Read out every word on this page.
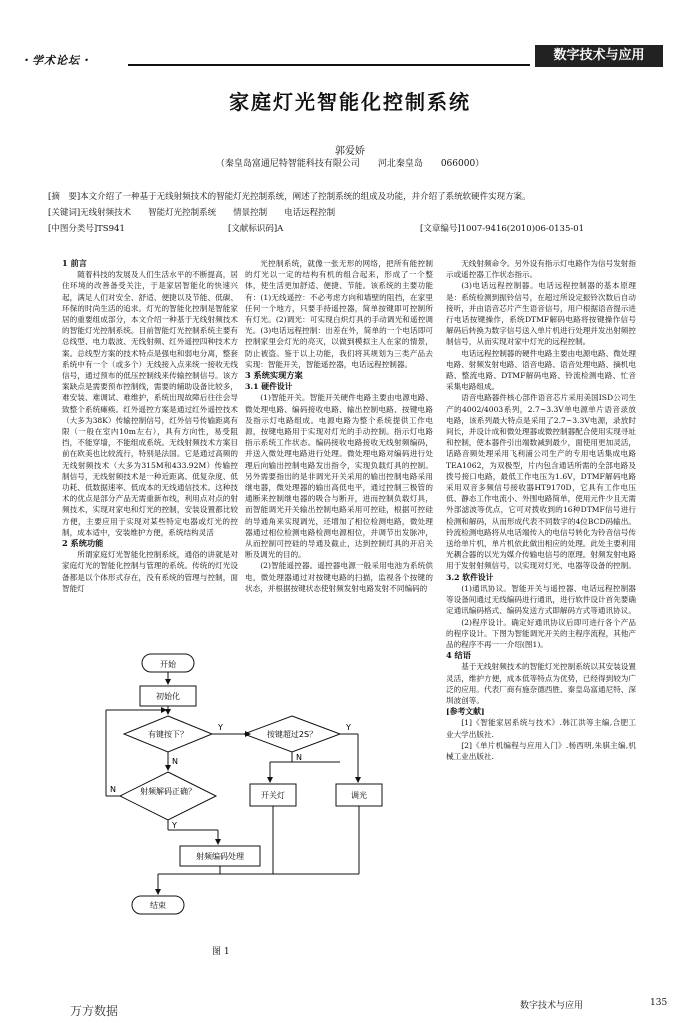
・学术论坛・	数字技术与应用
家庭灯光智能化控制系统
郭爱娇
（秦皇岛富通尼特智能科技有限公司　　河北秦皇岛　　066000）
[摘　要]本文介绍了一种基于无线射频技术的智能灯光控制系统，阐述了控制系统的组成及功能，并介绍了系统软硬件实现方案。
[关键词]无线射频技术　　智能灯光控制系统　　情景控制　　电话远程控制
[中图分类号]TS941	[文献标识码]A	[文章编号]1007-9416(2010)06-0135-01
1 前言

随着科技的发展及人们生活水平的不断提高，居住环境的改善备受关注，于是家居智能化的快速兴起，满足人们对安全、舒适、便捷以及节能、低碳、环保的时尚生活的追求。灯光的智能化控制是智能家居的重要组成部分，本文介绍一种基于无线射频技术的智能灯光控制系统。目前智能灯光控制系统主要有总线型、电力载波、无线射频、红外遥控四种技术方案。总线型方案的技术特点是强电和弱电分离，整套系统中有一个（或多个）无线接入点来统一接收无线信号，通过预布的低压控制线来传输控制信号。该方案缺点是需要预布控制线，需要的辅助设备比较多，难安装、难调试、难维护，系统出现故障后往往会导致整个系统瘫痪。红外遥控方案是通过红外遥控技术（大多为38K）传输控制信号，红外信号传输距离有限（一般在室内10m左右），具有方向性，易受阻挡，不能穿墙，不能组成系统。无线射频技术方案目前在欧美也比较流行，特别是法国。它是通过高频的无线射频技术（大多为315M和433.92M）传输控制信号，无线射频技术是一种近距离、低复杂度、低功耗、低数据速率、低成本的无线通信技术。这种技术的优点是部分产品无需重新布线，利用点对点的射频技术，实现对家电和灯光的控制，安装设置都比较方便，主要应用于实现对某些特定电器或灯光的控制，成本适中，安装维护方便，系统结构灵活

2 系统功能

所谓家庭灯光智能化控制系统，通俗的讲就是对家庭灯光的智能化控制与管理的系统。传统的灯光设备都是以个体形式存在，没有系统的管理与控制，面智能灯

光控制系统，就像一张无形的网络，把所有能控制的灯光以一定的结构有机的组合起来，形成了一个整体，使生活更加舒适、便捷、节能。该系统的主要功能有：(1)无线遥控：不必考虑方向和墙壁的阻挡，在家里任何一个地方，只要手持遥控器，简单按键即可控制所有灯光。(2)调光：可实现白炽灯具的手动调光和遥控调光。(3)电话远程控制：出差在外，简单的一个电话即可控制家里会灯光的亮灭，以做到模拟主人在家的情景，防止被盗。鉴于以上功能，我们将其规划为三类产品去实现：智能开关，智能遥控器，电话远程控制器。

3 系统实现方案
3.1 硬件设计

(1)智能开关。智能开关硬件电路主要由电源电路、微处理电路、编码接收电路、输出控制电路、按键电路及指示灯电路组成。电源电路为整个系统提供工作电源，按键电路用于实现对灯光的手动控制。指示灯电路指示系统工作状态。编码接收电路接收无线射频编码，并送入微处理电路进行处理。微处理电路对编码进行处理后向输出控制电路发出指令，实现负载灯具的控制。另外需要指出的是非调光开关采用的输出控制电路采用继电器，微处理器的输出高低电平，通过控制三极管的通断来控制继电器的吸合与断开，进而控制负载灯具，而智能调光开关输出控制电路采用可控硅，根据可控硅的导通角来实现调光，还增加了相位检测电路，微处理器通过相位检测电路检测电源相位，并调节出发脉冲，从而控制可控硅的导通及截止，达到控制灯具的开启关断及调光的目的。

(2)智能遥控器。遥控器电源一般采用电池为系统供电，微处理器通过对按键电路的扫描，监视各个按键的状态，并根据按键状态使射频发射电路发射不同编码的

无线射频命令。另外设有指示灯电路作为信号发射指示或遥控器工作状态指示。

(3)电话远程控制器。电话远程控制器的基本原理是：系统检测到振铃信号，在超过所设定振铃次数后自动接听，并由语音芯片产生语音信号，用户根据语音提示进行电话按键操作，系统DTMF解码电路将按键操作信号解码后转换为数字信号送入单片机进行处理并发出射频控制信号，从而实现对家中灯光的远程控制。

电话远程控制器的硬件电路主要由电源电路、微处理电路、射频发射电路、语音电路、语音处理电路、摘机电路、整流电路、DTMF解码电路、铃流检测电路、忙音采集电路组成。

语音电路器件核心部件语音芯片采用美国ISD公司生产的4002/4003系列，2.7~3.3V单电源单片语音录放电路，该系列最大特点是采用了2.7~3.3V电源，录放时间长，并设计成和微处理器或微控制器配合使用实现寻址和控制，使本器件引出端数减到最少，面使用更加灵活，话路音频处理采用飞利浦公司生产的专用电话集成电路TEA1062，为双极型，片内包含通话所需的全部电路及拨号接口电路，最低工作电压为1.6V，DTMF解码电路采用双音多频信号接收器HT9170D，它具有工作电压低、静态工作电流小、外围电路简单，使用元件少且无需外部滤波等优点，它可对拨收到的16种DTMF信号进行检测和解码，从而形成代表不同数字的4位BCD码输出。铃流检测电路将从电话端传入的电信号转化为铃音信号传送给单片机，单片机依此做出相应的处理。此处主要利用光耦合器的以光为媒介传输电信号的原理。射频发射电路用于发射射频信号，以实现对灯光、电器等设备的控制。

3.2 软件设计

(1)通讯协议。智能开关与遥控器、电话远程控制器等设备间通过无线编码进行通讯，进行软件设计首先要确定通讯编码格式、编码发送方式即解码方式等通讯协议。

(2)程序设计。确定好通讯协议后即可进行各个产品的程序设计。下图为智能调光开关的主程序流程，其他产品的程序不再一一介绍(图1)。

4 结语

基于无线射频技术的智能灯光控制系统以其安装设置灵活，维护方便，成本低等特点为优势，已经得到较为广泛的应用。代表厂商有施奈德西胜、秦皇岛富通尼特、深圳波创等。

[参考文献]

[1]《智能家居系统与技术》.韩江洪等主编,合肥工业大学出版社.

[2]《单片机编程与应用入门》.杨西明,朱骐主编,机械工业出版社.

开始
初始化
有键按下？	按键超过2S？
射频解码正确？	开关灯	调光
射频编码处理
结束
Y
N
Y
N
Y
N
图 1
数字技术与应用	135
万方数据
